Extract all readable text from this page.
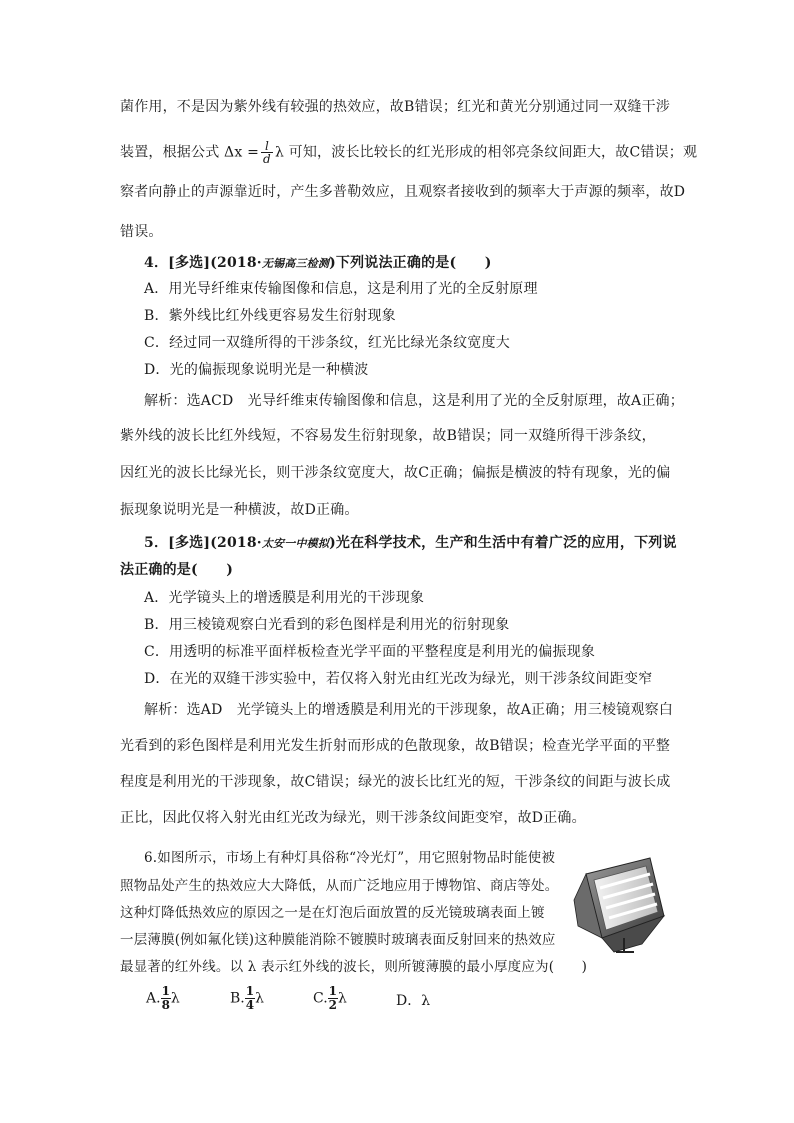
菌作用，不是因为紫外线有较强的热效应，故B错误；红光和黄光分别通过同一双缝干涉
装置，根据公式 $\Delta x = \frac{l}{d}$ λ 可知，波长比较长的红光形成的相邻亮条纹间距大，故C错误；观
察者向静止的声源靠近时，产生多普勒效应，且观察者接收到的频率大于声源的频率，故D
错误。
4．[多选](2018·无锡高三检测)下列说法正确的是(　　)
A．用光导纤维束传输图像和信息，这是利用了光的全反射原理
B．紫外线比红外线更容易发生衍射现象
C．经过同一双缝所得的干涉条纹，红光比绿光条纹宽度大
D．光的偏振现象说明光是一种横波
解析：选ACD　光导纤维束传输图像和信息，这是利用了光的全反射原理，故A正确；
紫外线的波长比红外线短，不容易发生衍射现象，故B错误；同一双缝所得干涉条纹，
因红光的波长比绿光长，则干涉条纹宽度大，故C正确；偏振是横波的特有现象，光的偏
振现象说明光是一种横波，故D正确。
5．[多选](2018·太安一中模拟)光在科学技术，生产和生活中有着广泛的应用，下列说
法正确的是(　　)
A．光学镜头上的增透膜是利用光的干涉现象
B．用三棱镜观察白光看到的彩色图样是利用光的衍射现象
C．用透明的标准平面样板检查光学平面的平整程度是利用光的偏振现象
D．在光的双缝干涉实验中，若仅将入射光由红光改为绿光，则干涉条纹间距变窄
解析：选AD　光学镜头上的增透膜是利用光的干涉现象，故A正确；用三棱镜观察白
光看到的彩色图样是利用光发生折射而形成的色散现象，故B错误；检查光学平面的平整
程度是利用光的干涉现象，故C错误；绿光的波长比红光的短，干涉条纹的间距与波长成
正比，因此仅将入射光由红光改为绿光，则干涉条纹间距变窄，故D正确。
6.如图所示，市场上有种灯具俗称“冷光灯”，用它照射物品时能使被
照物品处产生的热效应大大降低，从而广泛地应用于博物馆、商店等处。
这种灯降低热效应的原因之一是在灯泡后面放置的反光镜玻璃表面上镀
一层薄膜(例如氟化镁)这种膜能消除不镀膜时玻璃表面反射回来的热效应
最显著的红外线。以 λ 表示红外线的波长，则所镀薄膜的最小厚度应为(　　)
A. $\frac{1}{8}$ λ	B. $\frac{1}{4}$ λ	C. $\frac{1}{2}$ λ	D．λ
